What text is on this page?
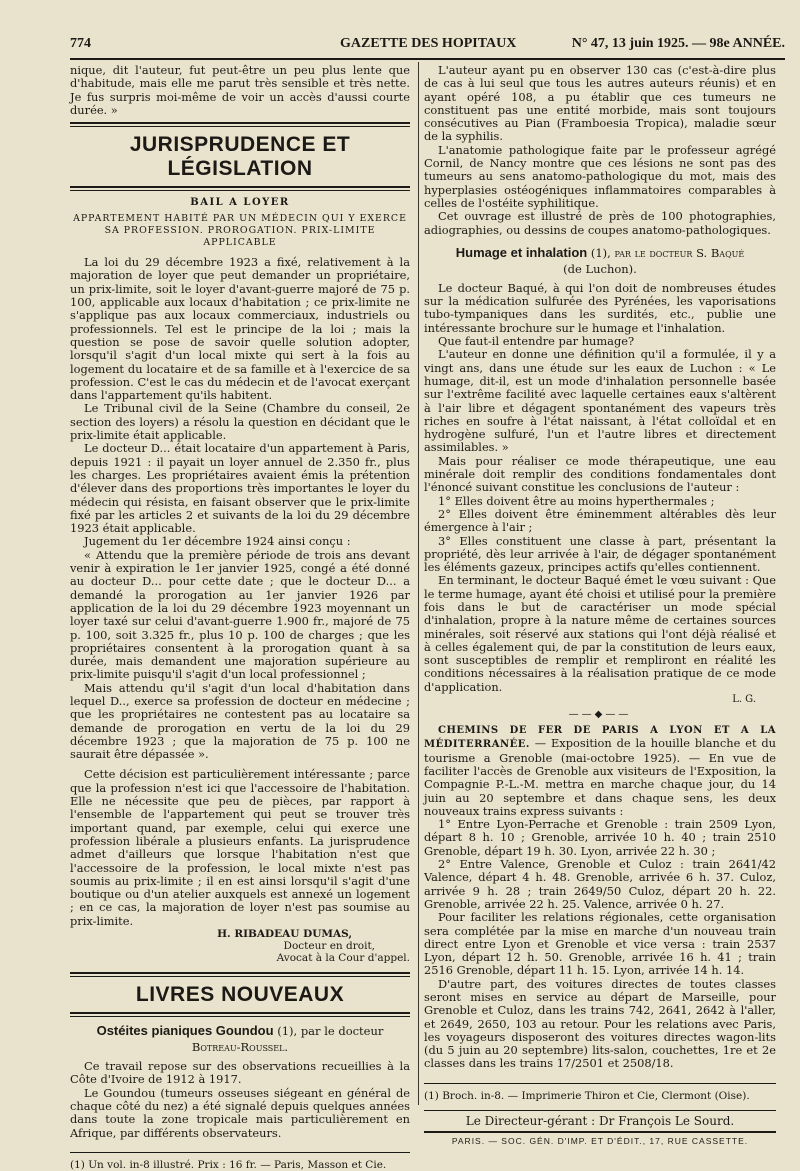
774	GAZETTE DES HOPITAUX	N° 47, 13 juin 1925. — 98e ANNÉE.

nique, dit l'auteur, fut peut-être un peu plus lente que d'habitude, mais elle me parut très sensible et très nette. Je fus surpris moi-même de voir un accès d'aussi courte durée. »

JURISPRUDENCE ET LÉGISLATION
BAIL A LOYER
APPARTEMENT HABITÉ PAR UN MÉDECIN QUI Y EXERCE SA PROFESSION. PROROGATION. PRIX-LIMITE APPLICABLE

La loi du 29 décembre 1923 a fixé, relativement à la majoration de loyer que peut demander un propriétaire, un prix-limite, soit le loyer d'avant-guerre majoré de 75 p. 100, applicable aux locaux d'habitation ; ce prix-limite ne s'applique pas aux locaux commerciaux, industriels ou professionnels. Tel est le principe de la loi ; mais la question se pose de savoir quelle solution adopter, lorsqu'il s'agit d'un local mixte qui sert à la fois au logement du locataire et de sa famille et à l'exercice de sa profession. C'est le cas du médecin et de l'avocat exerçant dans l'appartement qu'ils habitent.

Le Tribunal civil de la Seine (Chambre du conseil, 2e section des loyers) a résolu la question en décidant que le prix-limite était applicable.

Le docteur D... était locataire d'un appartement à Paris, depuis 1921 : il payait un loyer annuel de 2.350 fr., plus les charges. Les propriétaires avaient émis la prétention d'élever dans des proportions très importantes le loyer du médecin qui résista, en faisant observer que le prix-limite fixé par les articles 2 et suivants de la loi du 29 décembre 1923 était applicable.

Jugement du 1er décembre 1924 ainsi conçu :

« Attendu que la première période de trois ans devant venir à expiration le 1er janvier 1925, congé a été donné au docteur D... pour cette date ; que le docteur D... a demandé la prorogation au 1er janvier 1926 par application de la loi du 29 décembre 1923 moyennant un loyer taxé sur celui d'avant-guerre 1.900 fr., majoré de 75 p. 100, soit 3.325 fr., plus 10 p. 100 de charges ; que les propriétaires consentent à la prorogation quant à sa durée, mais demandent une majoration supérieure au prix-limite puisqu'il s'agit d'un local professionnel ;

Mais attendu qu'il s'agit d'un local d'habitation dans lequel D.., exerce sa profession de docteur en médecine ; que les propriétaires ne contestent pas au locataire sa demande de prorogation en vertu de la loi du 29 décembre 1923 ; que la majoration de 75 p. 100 ne saurait être dépassée ».

Cette décision est particulièrement intéressante ; parce que la profession n'est ici que l'accessoire de l'habitation. Elle ne nécessite que peu de pièces, par rapport à l'ensemble de l'appartement qui peut se trouver très important quand, par exemple, celui qui exerce une profession libérale a plusieurs enfants. La jurisprudence admet d'ailleurs que lorsque l'habitation n'est que l'accessoire de la profession, le local mixte n'est pas soumis au prix-limite ; il en est ainsi lorsqu'il s'agit d'une boutique ou d'un atelier auxquels est annexé un logement ; en ce cas, la majoration de loyer n'est pas soumise au prix-limite.

H. RIBADEAU DUMAS,
Docteur en droit,
Avocat à la Cour d'appel.
LIVRES NOUVEAUX
Ostéites pianiques Goundou (1), par le docteur
Botreau-Roussel.

Ce travail repose sur des observations recueillies à la Côte d'Ivoire de 1912 à 1917.

Le Goundou (tumeurs osseuses siégeant en général de chaque côté du nez) a été signalé depuis quelques années dans toute la zone tropicale mais particulièrement en Afrique, par différents observateurs.

(1) Un vol. in-8 illustré. Prix : 16 fr. — Paris, Masson et Cie.

L'auteur ayant pu en observer 130 cas (c'est-à-dire plus de cas à lui seul que tous les autres auteurs réunis) et en ayant opéré 108, a pu établir que ces tumeurs ne constituent pas une entité morbide, mais sont toujours consécutives au Pian (Framboesia Tropica), maladie sœur de la syphilis.

L'anatomie pathologique faite par le professeur agrégé Cornil, de Nancy montre que ces lésions ne sont pas des tumeurs au sens anatomo-pathologique du mot, mais des hyperplasies ostéogéniques inflammatoires comparables à celles de l'ostéite syphilitique.

Cet ouvrage est illustré de près de 100 photographies, adiographies, ou dessins de coupes anatomo-pathologiques.

Humage et inhalation (1), par le docteur S. Baqué
(de Luchon).

Le docteur Baqué, à qui l'on doit de nombreuses études sur la médication sulfurée des Pyrénées, les vaporisations tubo-tympaniques dans les surdités, etc., publie une intéressante brochure sur le humage et l'inhalation.

Que faut-il entendre par humage?

L'auteur en donne une définition qu'il a formulée, il y a vingt ans, dans une étude sur les eaux de Luchon : « Le humage, dit-il, est un mode d'inhalation personnelle basée sur l'extrême facilité avec laquelle certaines eaux s'altèrent à l'air libre et dégagent spontanément des vapeurs très riches en soufre à l'état naissant, à l'état colloïdal et en hydrogène sulfuré, l'un et l'autre libres et directement assimilables. »

Mais pour réaliser ce mode thérapeutique, une eau minérale doit remplir des conditions fondamentales dont l'énoncé suivant constitue les conclusions de l'auteur :

1° Elles doivent être au moins hyperthermales ;

2° Elles doivent être éminemment altérables dès leur émergence à l'air ;

3° Elles constituent une classe à part, présentant la propriété, dès leur arrivée à l'air, de dégager spontanément les éléments gazeux, principes actifs qu'elles contiennent.

En terminant, le docteur Baqué émet le vœu suivant : Que le terme humage, ayant été choisi et utilisé pour la première fois dans le but de caractériser un mode spécial d'inhalation, propre à la nature même de certaines sources minérales, soit réservé aux stations qui l'ont déjà réalisé et à celles également qui, de par la constitution de leurs eaux, sont susceptibles de remplir et rempliront en réalité les conditions nécessaires à la réalisation pratique de ce mode d'application.

L. G.
——◆——

CHEMINS DE FER DE PARIS A LYON ET A LA MÉDITERRANÉE. — Exposition de la houille blanche et du tourisme a Grenoble (mai-octobre 1925). — En vue de faciliter l'accès de Grenoble aux visiteurs de l'Exposition, la Compagnie P.-L.-M. mettra en marche chaque jour, du 14 juin au 20 septembre et dans chaque sens, les deux nouveaux trains express suivants :

1° Entre Lyon-Perrache et Grenoble : train 2509 Lyon, départ 8 h. 10 ; Grenoble, arrivée 10 h. 40 ; train 2510 Grenoble, départ 19 h. 30. Lyon, arrivée 22 h. 30 ;

2° Entre Valence, Grenoble et Culoz : train 2641/42 Valence, départ 4 h. 48. Grenoble, arrivée 6 h. 37. Culoz, arrivée 9 h. 28 ; train 2649/50 Culoz, départ 20 h. 22. Grenoble, arrivée 22 h. 25. Valence, arrivée 0 h. 27.

Pour faciliter les relations régionales, cette organisation sera complétée par la mise en marche d'un nouveau train direct entre Lyon et Grenoble et vice versa : train 2537 Lyon, départ 12 h. 50. Grenoble, arrivée 16 h. 41 ; train 2516 Grenoble, départ 11 h. 15. Lyon, arrivée 14 h. 14.

D'autre part, des voitures directes de toutes classes seront mises en service au départ de Marseille, pour Grenoble et Culoz, dans les trains 742, 2641, 2642 à l'aller, et 2649, 2650, 103 au retour. Pour les relations avec Paris, les voyageurs disposeront des voitures directes wagon-lits (du 5 juin au 20 septembre) lits-salon, couchettes, 1re et 2e classes dans les trains 17/2501 et 2508/18.

(1) Broch. in-8. — Imprimerie Thiron et Cie, Clermont (Oise).
Le Directeur-gérant : Dr François Le Sourd.
PARIS. — SOC. GÉN. D'IMP. ET D'ÉDIT., 17, RUE CASSETTE.
